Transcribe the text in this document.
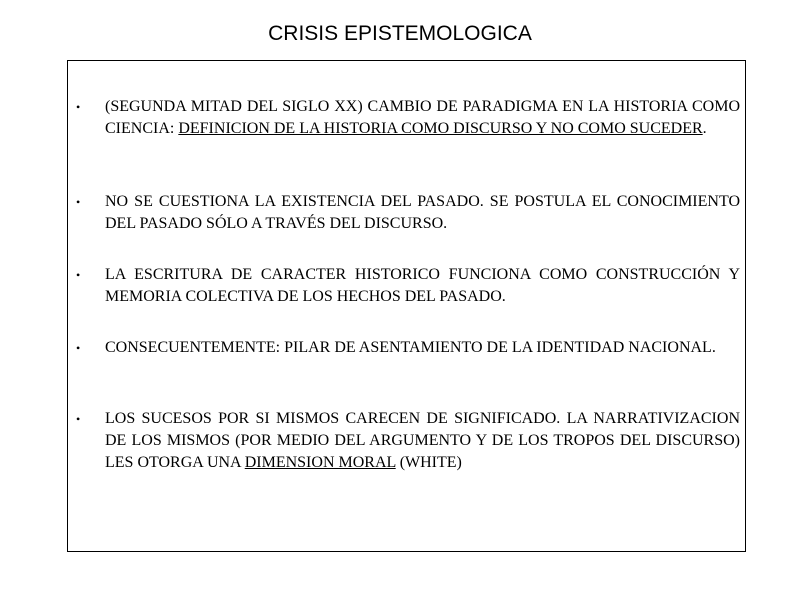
CRISIS EPISTEMOLOGICA
• (SEGUNDA MITAD DEL SIGLO XX) CAMBIO DE PARADIGMA EN LA HISTORIA COMO CIENCIA: DEFINICION DE LA HISTORIA COMO DISCURSO Y NO COMO SUCEDER.
• NO SE CUESTIONA LA EXISTENCIA DEL PASADO. SE POSTULA EL CONOCIMIENTO DEL PASADO SÓLO A TRAVÉS DEL DISCURSO.
• LA ESCRITURA DE CARACTER HISTORICO FUNCIONA COMO CONSTRUCCIÓN Y MEMORIA COLECTIVA DE LOS HECHOS DEL PASADO.
• CONSECUENTEMENTE: PILAR DE ASENTAMIENTO DE LA IDENTIDAD NACIONAL.
• LOS SUCESOS POR SI MISMOS CARECEN DE SIGNIFICADO. LA NARRATIVIZACION DE LOS MISMOS (POR MEDIO DEL ARGUMENTO Y DE LOS TROPOS DEL DISCURSO) LES OTORGA UNA DIMENSION MORAL (WHITE)
